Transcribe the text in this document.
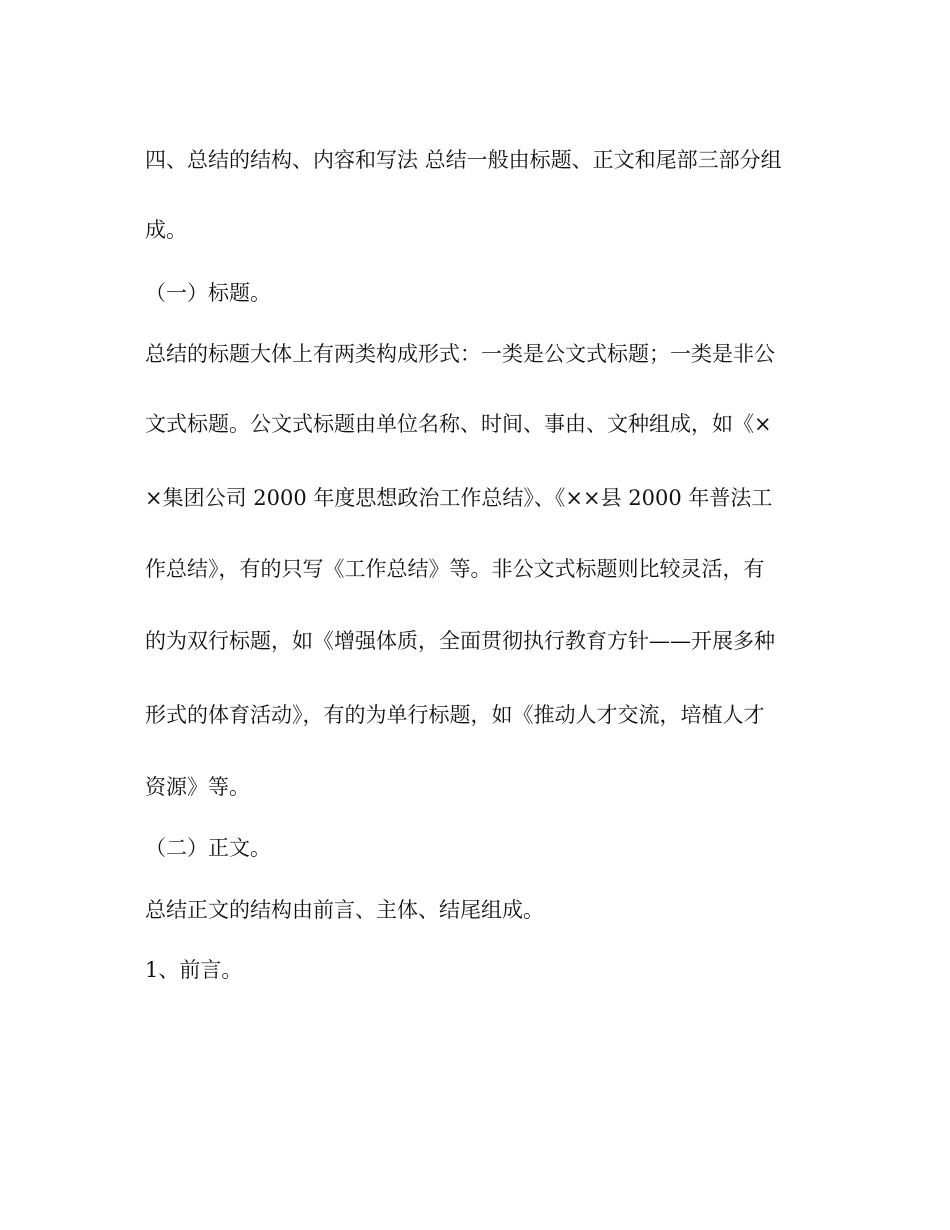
四、总结的结构、内容和写法 总结一般由标题、正文和尾部三部分组
成。
（一）标题。
总结的标题大体上有两类构成形式：一类是公文式标题；一类是非公
文式标题。公文式标题由单位名称、时间、事由、文种组成，如《×
×集团公司 2000 年度思想政治工作总结》、《××县 2000 年普法工
作总结》，有的只写《工作总结》等。非公文式标题则比较灵活，有
的为双行标题，如《增强体质，全面贯彻执行教育方针——开展多种
形式的体育活动》，有的为单行标题，如《推动人才交流，培植人才
资源》等。
（二）正文。
总结正文的结构由前言、主体、结尾组成。
1、前言。
